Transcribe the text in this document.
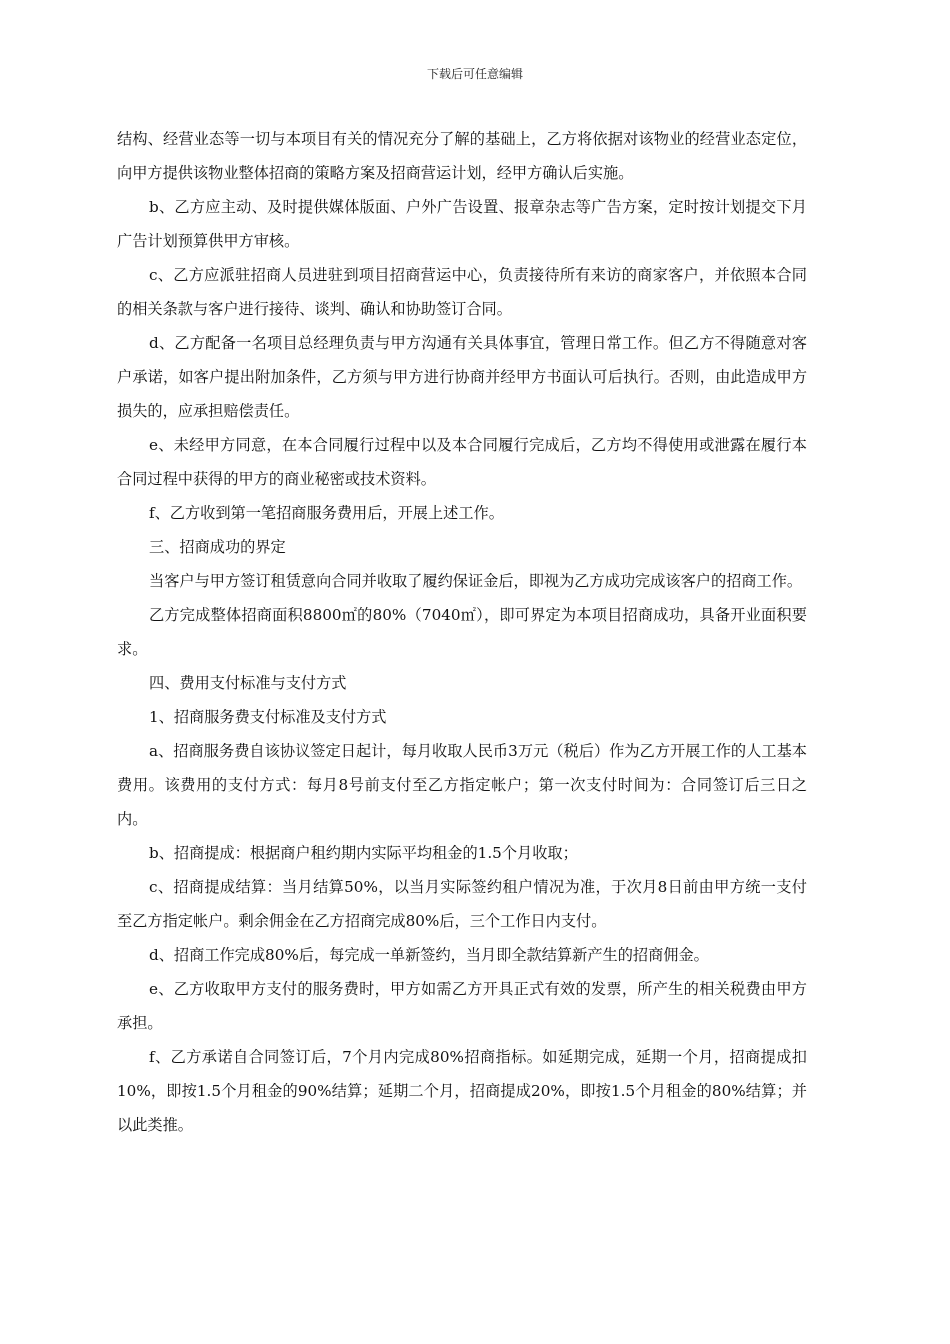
下载后可任意编辑

结构、经营业态等一切与本项目有关的情况充分了解的基础上，乙方将依据对该物业的经营业态定位，向甲方提供该物业整体招商的策略方案及招商营运计划，经甲方确认后实施。

b、乙方应主动、及时提供媒体版面、户外广告设置、报章杂志等广告方案，定时按计划提交下月广告计划预算供甲方审核。

c、乙方应派驻招商人员进驻到项目招商营运中心，负责接待所有来访的商家客户，并依照本合同的相关条款与客户进行接待、谈判、确认和协助签订合同。

d、乙方配备一名项目总经理负责与甲方沟通有关具体事宜，管理日常工作。但乙方不得随意对客户承诺，如客户提出附加条件，乙方须与甲方进行协商并经甲方书面认可后执行。否则，由此造成甲方损失的，应承担赔偿责任。

e、未经甲方同意，在本合同履行过程中以及本合同履行完成后，乙方均不得使用或泄露在履行本合同过程中获得的甲方的商业秘密或技术资料。

f、乙方收到第一笔招商服务费用后，开展上述工作。

三、招商成功的界定

当客户与甲方签订租赁意向合同并收取了履约保证金后，即视为乙方成功完成该客户的招商工作。

乙方完成整体招商面积8800㎡的80%（7040㎡），即可界定为本项目招商成功，具备开业面积要求。

四、费用支付标准与支付方式

1、招商服务费支付标准及支付方式

a、招商服务费自该协议签定日起计，每月收取人民币3万元（税后）作为乙方开展工作的人工基本费用。该费用的支付方式：每月8号前支付至乙方指定帐户；第一次支付时间为：合同签订后三日之内。

b、招商提成：根据商户租约期内实际平均租金的1.5个月收取；

c、招商提成结算：当月结算50%，以当月实际签约租户情况为准，于次月8日前由甲方统一支付至乙方指定帐户。剩余佣金在乙方招商完成80%后，三个工作日内支付。

d、招商工作完成80%后，每完成一单新签约，当月即全款结算新产生的招商佣金。

e、乙方收取甲方支付的服务费时，甲方如需乙方开具正式有效的发票，所产生的相关税费由甲方承担。

f、乙方承诺自合同签订后，7个月内完成80%招商指标。如延期完成，延期一个月，招商提成扣10%，即按1.5个月租金的90%结算；延期二个月，招商提成20%，即按1.5个月租金的80%结算；并以此类推。
